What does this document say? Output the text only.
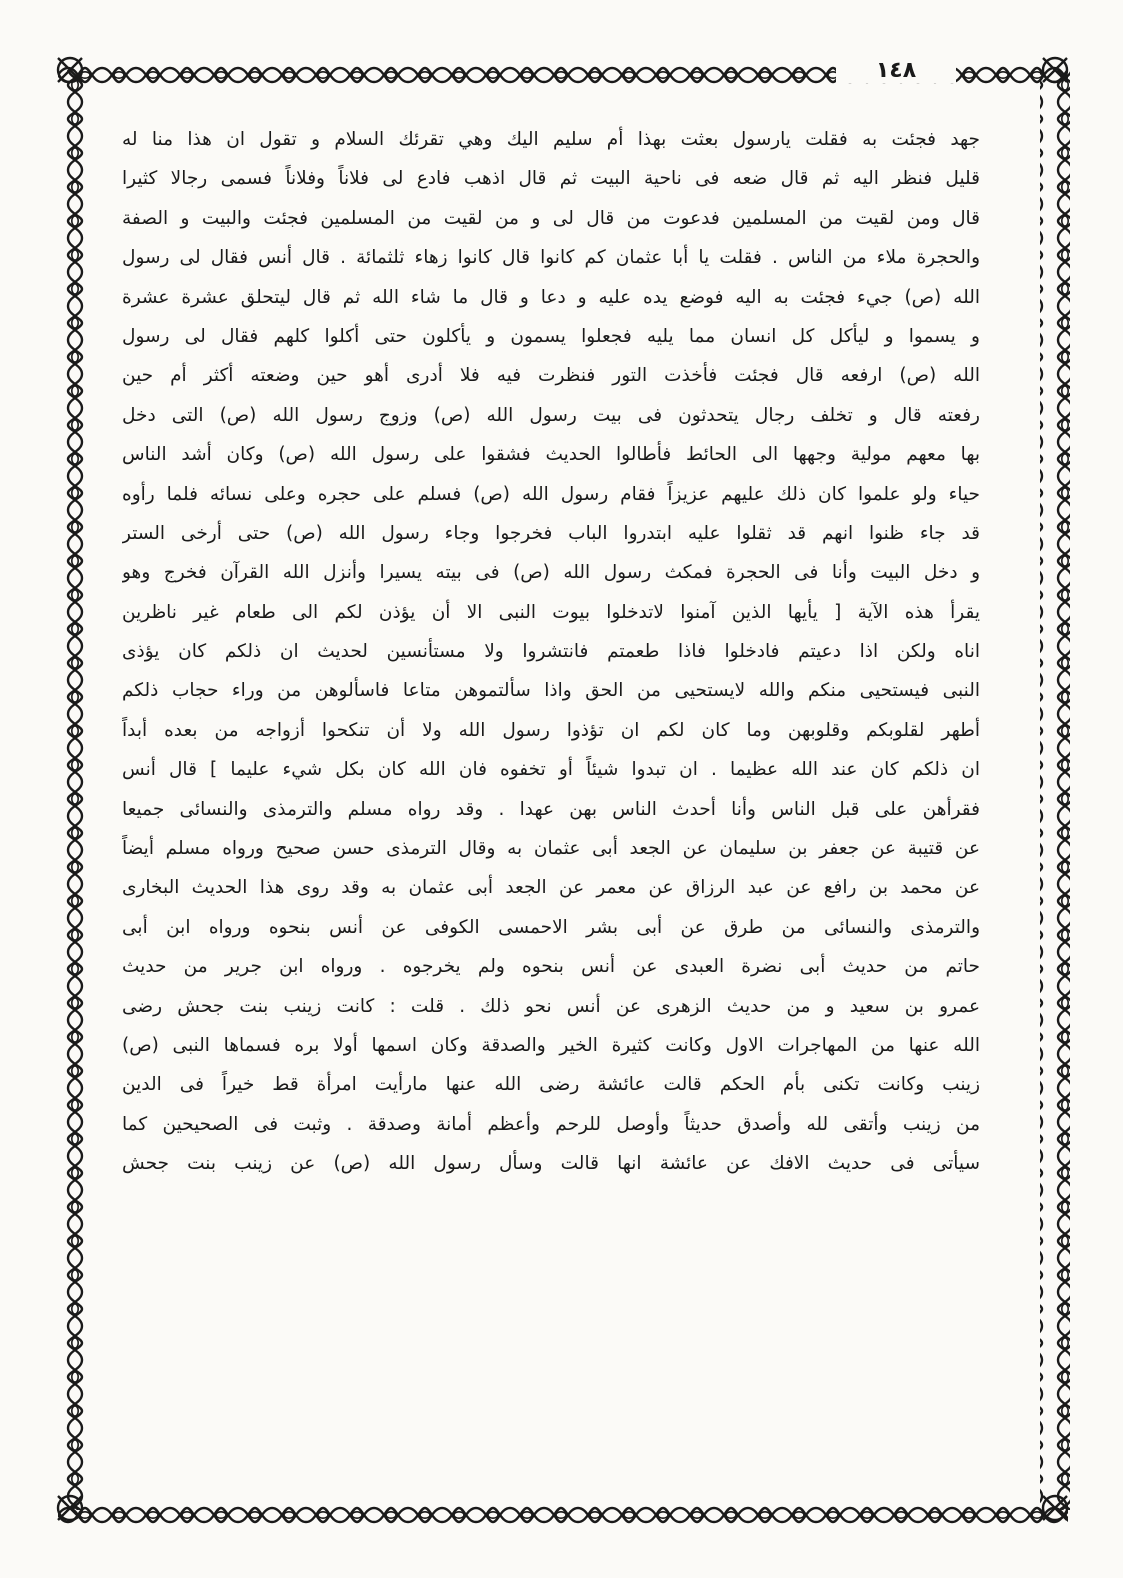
١٤٨
جهد فجئت به فقلت يارسول بعثت بهذا أم سليم اليك وهي تقرئك السلام و تقول ان هذا منا له
قليل فنظر اليه ثم قال ضعه فى ناحية البيت ثم قال اذهب فادع لى فلاناً وفلاناً فسمى رجالا كثيرا
قال ومن لقيت من المسلمين فدعوت من قال لى و من لقيت من المسلمين فجئت والبيت و الصفة
والحجرة ملاء من الناس . فقلت يا أبا عثمان كم كانوا قال كانوا زهاء ثلثمائة . قال أنس فقال لى رسول
الله (ص) جيء فجئت به اليه فوضع يده عليه و دعا و قال ما شاء الله ثم قال ليتحلق عشرة عشرة
و يسموا و ليأكل كل انسان مما يليه فجعلوا يسمون و يأكلون حتى أكلوا كلهم فقال لى رسول
الله (ص) ارفعه قال فجئت فأخذت التور فنظرت فيه فلا أدرى أهو حين وضعته أكثر أم حين
رفعته قال و تخلف رجال يتحدثون فى بيت رسول الله (ص) وزوج رسول الله (ص) التى دخل
بها معهم مولية وجهها الى الحائط فأطالوا الحديث فشقوا على رسول الله (ص) وكان أشد الناس
حياء ولو علموا كان ذلك عليهم عزيزاً فقام رسول الله (ص) فسلم على حجره وعلى نسائه فلما رأوه
قد جاء ظنوا انهم قد ثقلوا عليه ابتدروا الباب فخرجوا وجاء رسول الله (ص) حتى أرخى الستر
و دخل البيت وأنا فى الحجرة فمكث رسول الله (ص) فى بيته يسيرا وأنزل الله القرآن فخرج وهو
يقرأ هذه الآية [ يأيها الذين آمنوا لاتدخلوا بيوت النبى الا أن يؤذن لكم الى طعام غير ناظرين
اناه ولكن اذا دعيتم فادخلوا فاذا طعمتم فانتشروا ولا مستأنسين لحديث ان ذلكم كان يؤذى
النبى فيستحيى منكم والله لايستحيى من الحق واذا سألتموهن متاعا فاسألوهن من وراء حجاب ذلكم
أطهر لقلوبكم وقلوبهن وما كان لكم ان تؤذوا رسول الله ولا أن تنكحوا أزواجه من بعده أبداً
ان ذلكم كان عند الله عظيما . ان تبدوا شيئاً أو تخفوه فان الله كان بكل شيء عليما ] قال أنس
فقرأهن على قبل الناس وأنا أحدث الناس بهن عهدا . وقد رواه مسلم والترمذى والنسائى جميعا
عن قتيبة عن جعفر بن سليمان عن الجعد أبى عثمان به وقال الترمذى حسن صحيح ورواه مسلم أيضاً
عن محمد بن رافع عن عبد الرزاق عن معمر عن الجعد أبى عثمان به وقد روى هذا الحديث البخارى
والترمذى والنسائى من طرق عن أبى بشر الاحمسى الكوفى عن أنس بنحوه ورواه ابن أبى
حاتم من حديث أبى نضرة العبدى عن أنس بنحوه ولم يخرجوه . ورواه ابن جرير من حديث
عمرو بن سعيد و من حديث الزهرى عن أنس نحو ذلك . قلت : كانت زينب بنت جحش رضى
الله عنها من المهاجرات الاول وكانت كثيرة الخير والصدقة وكان اسمها أولا بره فسماها النبى (ص)
زينب وكانت تكنى بأم الحكم قالت عائشة رضى الله عنها مارأيت امرأة قط خيراً فى الدين
من زينب وأتقى لله وأصدق حديثاً وأوصل للرحم وأعظم أمانة وصدقة . وثبت فى الصحيحين كما
سيأتى فى حديث الافك عن عائشة انها قالت وسأل رسول الله (ص) عن زينب بنت جحش
